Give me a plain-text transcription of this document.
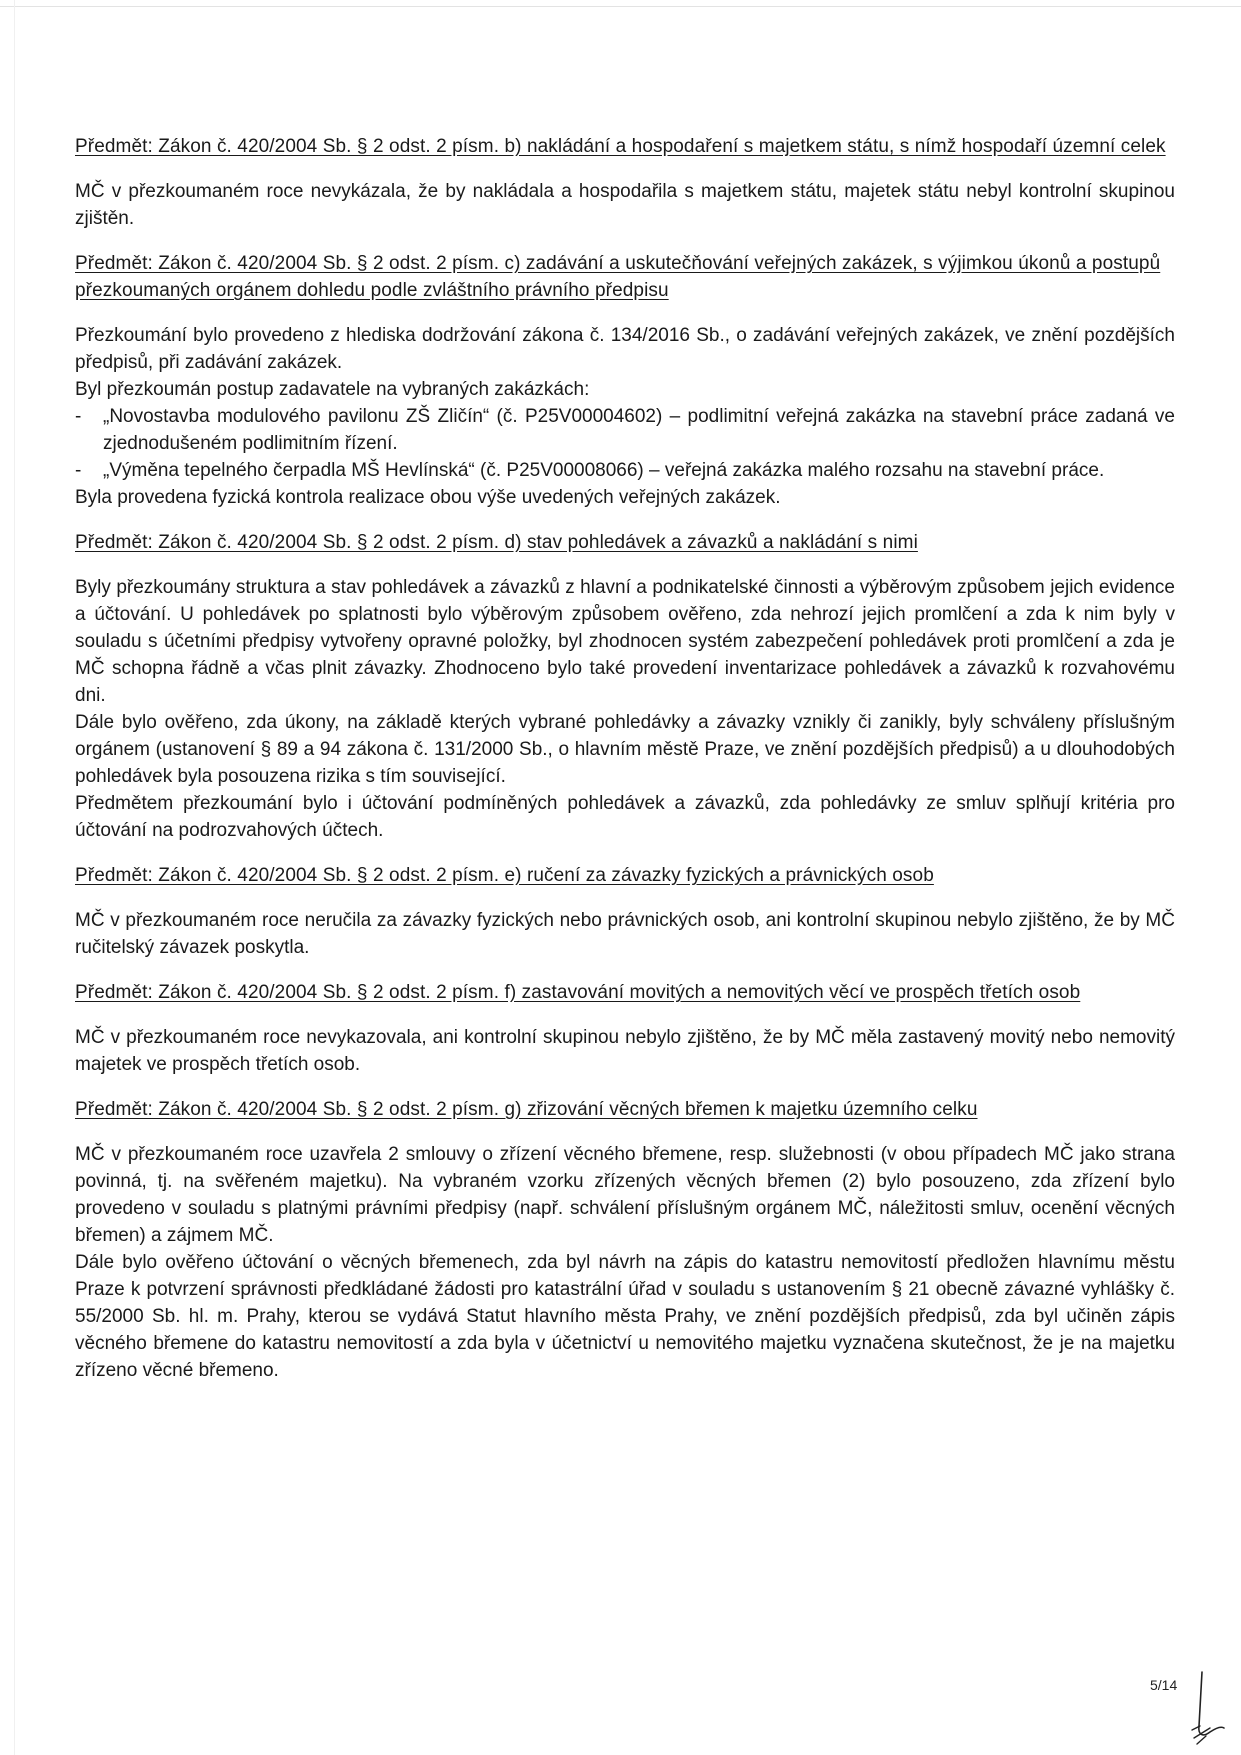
Předmět: Zákon č. 420/2004 Sb. § 2 odst. 2 písm. b) nakládání a hospodaření s majetkem státu, s nímž hospodaří územní celek

MČ v přezkoumaném roce nevykázala, že by nakládala a hospodařila s majetkem státu, majetek státu nebyl kontrolní skupinou zjištěn.

Předmět: Zákon č. 420/2004 Sb. § 2 odst. 2 písm. c) zadávání a uskutečňování veřejných zakázek, s výjimkou úkonů a postupů přezkoumaných orgánem dohledu podle zvláštního právního předpisu

Přezkoumání bylo provedeno z hlediska dodržování zákona č. 134/2016 Sb., o zadávání veřejných zakázek, ve znění pozdějších předpisů, při zadávání zakázek.

Byl přezkoumán postup zadavatele na vybraných zakázkách:

- „Novostavba modulového pavilonu ZŠ Zličín“ (č. P25V00004602) – podlimitní veřejná zakázka na stavební práce zadaná ve zjednodušeném podlimitním řízení.
- „Výměna tepelného čerpadla MŠ Hevlínská“ (č. P25V00008066) – veřejná zakázka malého rozsahu na stavební práce.

Byla provedena fyzická kontrola realizace obou výše uvedených veřejných zakázek.

Předmět: Zákon č. 420/2004 Sb. § 2 odst. 2 písm. d) stav pohledávek a závazků a nakládání s nimi

Byly přezkoumány struktura a stav pohledávek a závazků z hlavní a podnikatelské činnosti a výběrovým způsobem jejich evidence a účtování. U pohledávek po splatnosti bylo výběrovým způsobem ověřeno, zda nehrozí jejich promlčení a zda k nim byly v souladu s účetními předpisy vytvořeny opravné položky, byl zhodnocen systém zabezpečení pohledávek proti promlčení a zda je MČ schopna řádně a včas plnit závazky. Zhodnoceno bylo také provedení inventarizace pohledávek a závazků k rozvahovému dni.

Dále bylo ověřeno, zda úkony, na základě kterých vybrané pohledávky a závazky vznikly či zanikly, byly schváleny příslušným orgánem (ustanovení § 89 a 94 zákona č. 131/2000 Sb., o hlavním městě Praze, ve znění pozdějších předpisů) a u dlouhodobých pohledávek byla posouzena rizika s tím související.

Předmětem přezkoumání bylo i účtování podmíněných pohledávek a závazků, zda pohledávky ze smluv splňují kritéria pro účtování na podrozvahových účtech.

Předmět: Zákon č. 420/2004 Sb. § 2 odst. 2 písm. e) ručení za závazky fyzických a právnických osob

MČ v přezkoumaném roce neručila za závazky fyzických nebo právnických osob, ani kontrolní skupinou nebylo zjištěno, že by MČ ručitelský závazek poskytla.

Předmět: Zákon č. 420/2004 Sb. § 2 odst. 2 písm. f) zastavování movitých a nemovitých věcí ve prospěch třetích osob

MČ v přezkoumaném roce nevykazovala, ani kontrolní skupinou nebylo zjištěno, že by MČ měla zastavený movitý nebo nemovitý majetek ve prospěch třetích osob.

Předmět: Zákon č. 420/2004 Sb. § 2 odst. 2 písm. g) zřizování věcných břemen k majetku územního celku

MČ v přezkoumaném roce uzavřela 2 smlouvy o zřízení věcného břemene, resp. služebnosti (v obou případech MČ jako strana povinná, tj. na svěřeném majetku). Na vybraném vzorku zřízených věcných břemen (2) bylo posouzeno, zda zřízení bylo provedeno v souladu s platnými právními předpisy (např. schválení příslušným orgánem MČ, náležitosti smluv, ocenění věcných břemen) a zájmem MČ.

Dále bylo ověřeno účtování o věcných břemenech, zda byl návrh na zápis do katastru nemovitostí předložen hlavnímu městu Praze k potvrzení správnosti předkládané žádosti pro katastrální úřad v souladu s ustanovením § 21 obecně závazné vyhlášky č. 55/2000 Sb. hl. m. Prahy, kterou se vydává Statut hlavního města Prahy, ve znění pozdějších předpisů, zda byl učiněn zápis věcného břemene do katastru nemovitostí a zda byla v účetnictví u nemovitého majetku vyznačena skutečnost, že je na majetku zřízeno věcné břemeno.

5/14
